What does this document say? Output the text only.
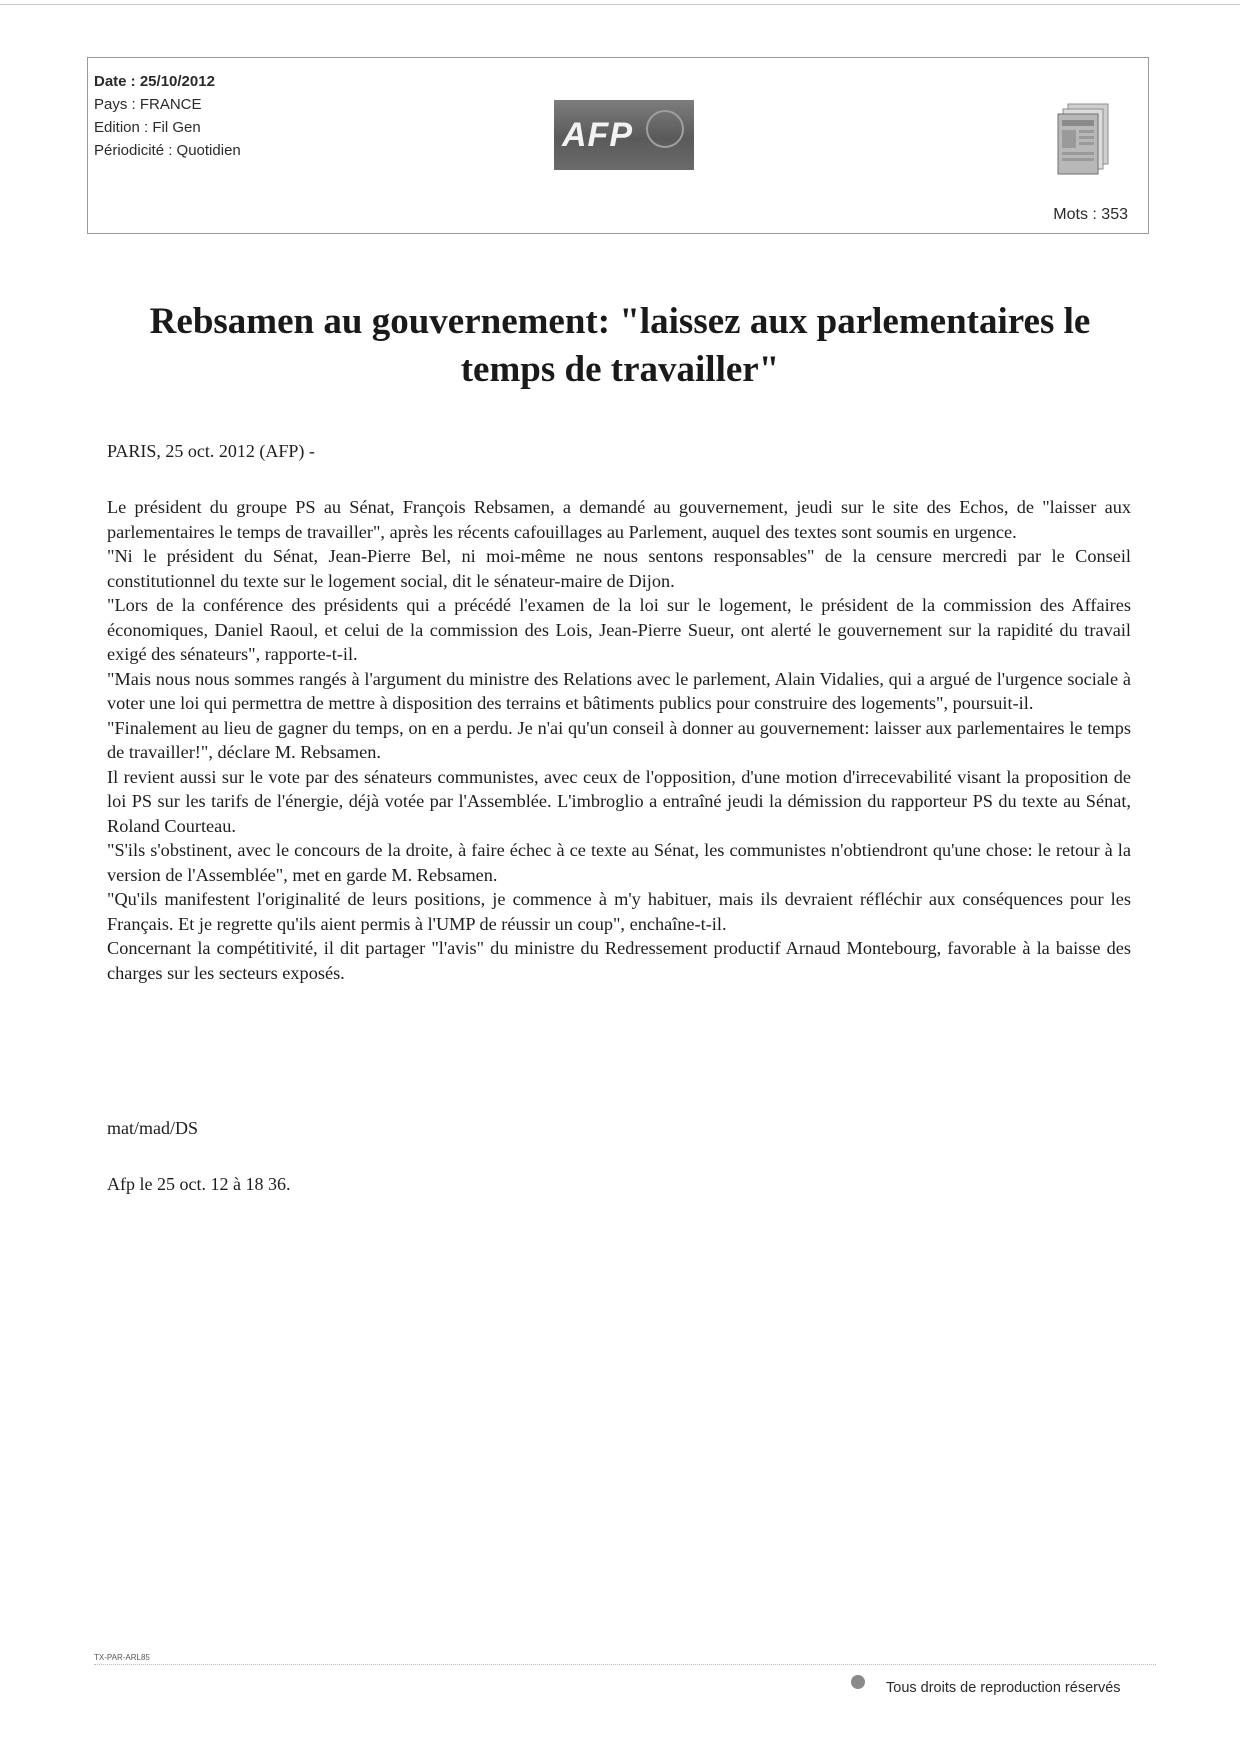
Date : 25/10/2012
Pays : FRANCE
Edition : Fil Gen
Périodicité : Quotidien	AFP
Mots : 353
Rebsamen au gouvernement: "laissez aux parlementaires le
temps de travailler"
PARIS, 25 oct. 2012 (AFP) -

Le président du groupe PS au Sénat, François Rebsamen, a demandé au gouvernement, jeudi sur le site des Echos, de "laisser aux parlementaires le temps de travailler", après les récents cafouillages au Parlement, auquel des textes sont soumis en urgence.

"Ni le président du Sénat, Jean-Pierre Bel, ni moi-même ne nous sentons responsables" de la censure mercredi par le Conseil constitutionnel du texte sur le logement social, dit le sénateur-maire de Dijon.

"Lors de la conférence des présidents qui a précédé l'examen de la loi sur le logement, le président de la commission des Affaires économiques, Daniel Raoul, et celui de la commission des Lois, Jean-Pierre Sueur, ont alerté le gouvernement sur la rapidité du travail exigé des sénateurs", rapporte-t-il.

"Mais nous nous sommes rangés à l'argument du ministre des Relations avec le parlement, Alain Vidalies, qui a argué de l'urgence sociale à voter une loi qui permettra de mettre à disposition des terrains et bâtiments publics pour construire des logements", poursuit-il.

"Finalement au lieu de gagner du temps, on en a perdu. Je n'ai qu'un conseil à donner au gouvernement: laisser aux parlementaires le temps de travailler!", déclare M. Rebsamen.

Il revient aussi sur le vote par des sénateurs communistes, avec ceux de l'opposition, d'une motion d'irrecevabilité visant la proposition de loi PS sur les tarifs de l'énergie, déjà votée par l'Assemblée. L'imbroglio a entraîné jeudi la démission du rapporteur PS du texte au Sénat, Roland Courteau.

"S'ils s'obstinent, avec le concours de la droite, à faire échec à ce texte au Sénat, les communistes n'obtiendront qu'une chose: le retour à la version de l'Assemblée", met en garde M. Rebsamen.

"Qu'ils manifestent l'originalité de leurs positions, je commence à m'y habituer, mais ils devraient réfléchir aux conséquences pour les Français. Et je regrette qu'ils aient permis à l'UMP de réussir un coup", enchaîne-t-il.

Concernant la compétitivité, il dit partager "l'avis" du ministre du Redressement productif Arnaud Montebourg, favorable à la baisse des charges sur les secteurs exposés.

mat/mad/DS
Afp le 25 oct. 12 à 18 36.
TX-PAR-ARL85
Tous droits de reproduction réservés
